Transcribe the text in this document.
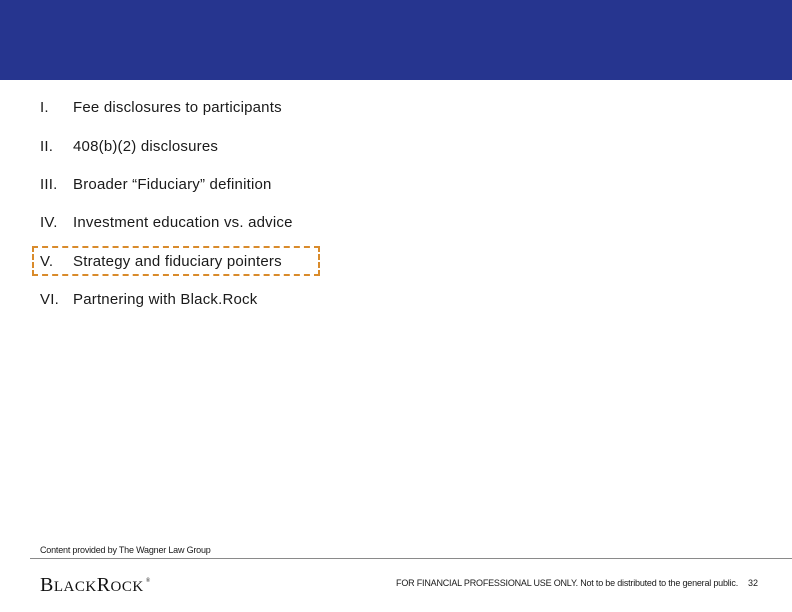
I.	Fee disclosures to participants
II.	408(b)(2) disclosures
III.	Broader “Fiduciary” definition
IV.	Investment education vs. advice
V.	Strategy and fiduciary pointers
VI. Partnering with Black.Rock
Content provided by The Wagner Law Group
B LACK R OCK ®	FOR FINANCIAL PROFESSIONAL USE ONLY. Not to be distributed to the general public. 32
